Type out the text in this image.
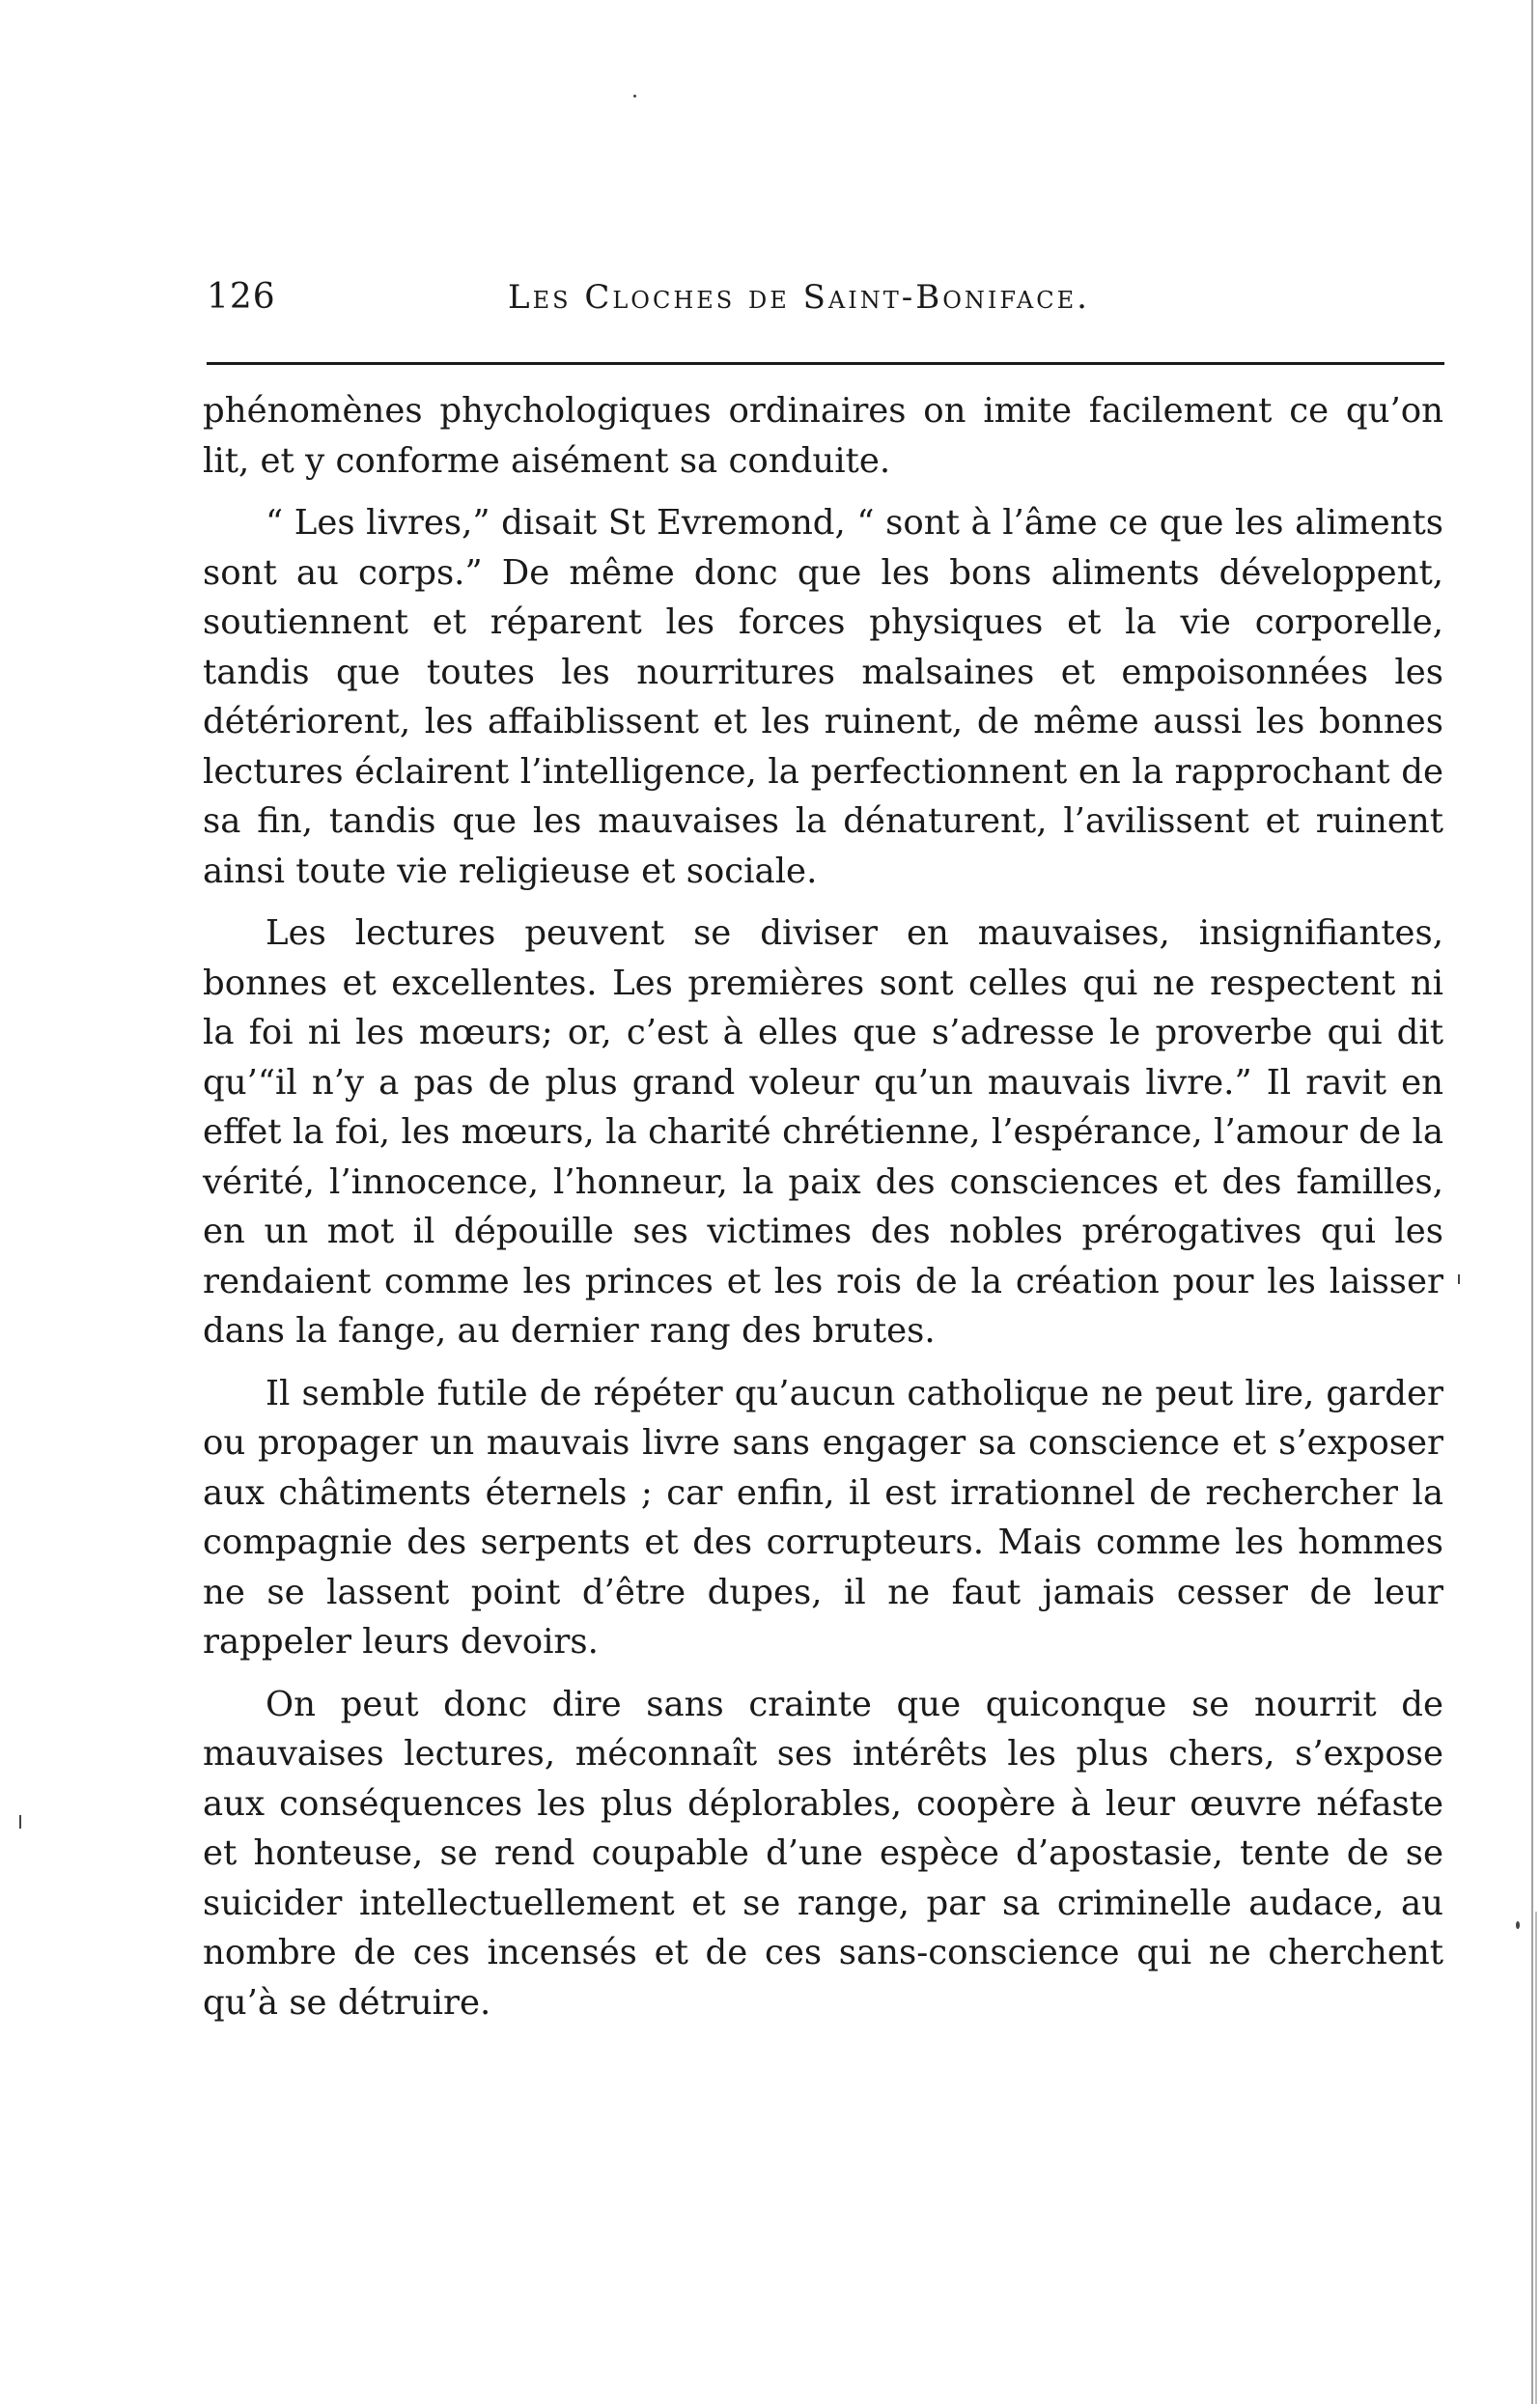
126	Les Cloches de Saint-Boniface.

phénomènes phychologiques ordinaires on imite facilement ce qu’on lit, et y conforme aisément sa conduite.

“ Les livres,” disait St Evremond, “ sont à l’âme ce que les aliments sont au corps.” De même donc que les bons aliments développent, soutiennent et réparent les forces physiques et la vie corporelle, tandis que toutes les nourritures malsaines et empoisonnées les détériorent, les affaiblissent et les ruinent, de même aussi les bonnes lectures éclairent l’intelligence, la perfectionnent en la rapprochant de sa fin, tandis que les mauvaises la dénaturent, l’avilissent et ruinent ainsi toute vie religieuse et sociale.

Les lectures peuvent se diviser en mauvaises, insignifiantes, bonnes et excellentes. Les premières sont celles qui ne respectent ni la foi ni les mœurs; or, c’est à elles que s’adresse le proverbe qui dit qu’“il n’y a pas de plus grand voleur qu’un mauvais livre.” Il ravit en effet la foi, les mœurs, la charité chrétienne, l’espérance, l’amour de la vérité, l’innocence, l’honneur, la paix des consciences et des familles, en un mot il dépouille ses victimes des nobles prérogatives qui les rendaient comme les princes et les rois de la création pour les laisser dans la fange, au dernier rang des brutes.

Il semble futile de répéter qu’aucun catholique ne peut lire, garder ou propager un mauvais livre sans engager sa conscience et s’exposer aux châtiments éternels ; car enfin, il est irrationnel de rechercher la compagnie des serpents et des corrupteurs. Mais comme les hommes ne se lassent point d’être dupes, il ne faut jamais cesser de leur rappeler leurs devoirs.

On peut donc dire sans crainte que quiconque se nourrit de mauvaises lectures, méconnaît ses intérêts les plus chers, s’expose aux conséquences les plus déplorables, coopère à leur œuvre néfaste et honteuse, se rend coupable d’une espèce d’apostasie, tente de se suicider intellectuellement et se range, par sa criminelle audace, au nombre de ces incensés et de ces sans-conscience qui ne cherchent qu’à se détruire.
